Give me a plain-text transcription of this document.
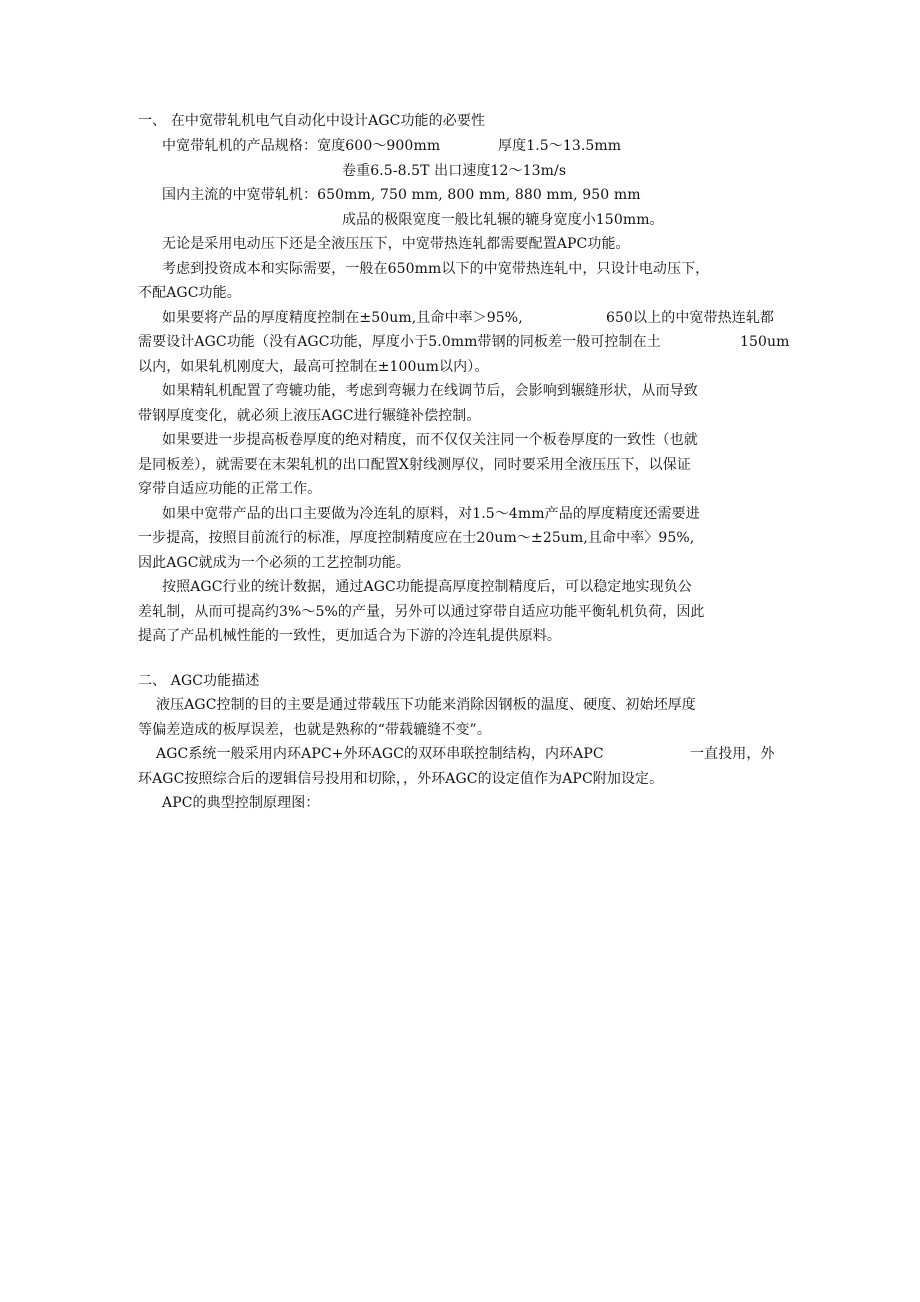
一、 在中宽带轧机电气自动化中设计AGC功能的必要性
中宽带轧机的产品规格：宽度600～900mm	厚度1.5～13.5mm
卷重6.5-8.5T 出口速度12～13m/s
国内主流的中宽带轧机：650mm, 750 mm, 800 mm, 880 mm, 950 mm
成品的极限宽度一般比轧辗的辘身宽度小150mm。
无论是采用电动压下还是全液压压下，中宽带热连轧都需要配置APC功能。
考虑到投资成本和实际需要，一般在650mm以下的中宽带热连轧中，只设计电动压下，
不配AGC功能。
如果要将产品的厚度精度控制在±50um,且命中率＞95%,	650以上的中宽带热连轧都
需要设计AGC功能（没有AGC功能，厚度小于5.0mm带钢的同板差一般可控制在土	150um
以内，如果轧机刚度大，最高可控制在±100um以内）。
如果精轧机配置了弯辘功能，考虑到弯辗力在线调节后，会影响到辗缝形状，从而导致
带钢厚度变化，就必须上液压AGC进行辗缝补偿控制。
如果要进一步提高板卷厚度的绝对精度，而不仅仅关注同一个板卷厚度的一致性（也就
是同板差），就需要在末架轧机的出口配置X射线测厚仪，同时要采用全液压压下，以保证
穿带自适应功能的正常工作。
如果中宽带产品的出口主要做为冷连轧的原料，对1.5～4mm产品的厚度精度还需要进
一步提高，按照目前流行的标准，厚度控制精度应在士20um～±25um,且命中率〉95%,
因此AGC就成为一个必须的工艺控制功能。
按照AGC行业的统计数据，通过AGC功能提高厚度控制精度后，可以稳定地实现负公
差轧制，从而可提高约3%～5%的产量，另外可以通过穿带自适应功能平衡轧机负荷，因此
提高了产品机械性能的一致性，更加适合为下游的冷连轧提供原料。
二、 AGC功能描述
液压AGC控制的目的主要是通过带载压下功能来消除因钢板的温度、硬度、初始坯厚度
等偏差造成的板厚误差，也就是熟称的“带载辘缝不变”。
AGC系统一般采用内环APC+外环AGC的双环串联控制结构，内环APC	一直投用，外
环AGC按照综合后的逻辑信号投用和切除，，外环AGC的设定值作为APC附加设定。
APC的典型控制原理图：
